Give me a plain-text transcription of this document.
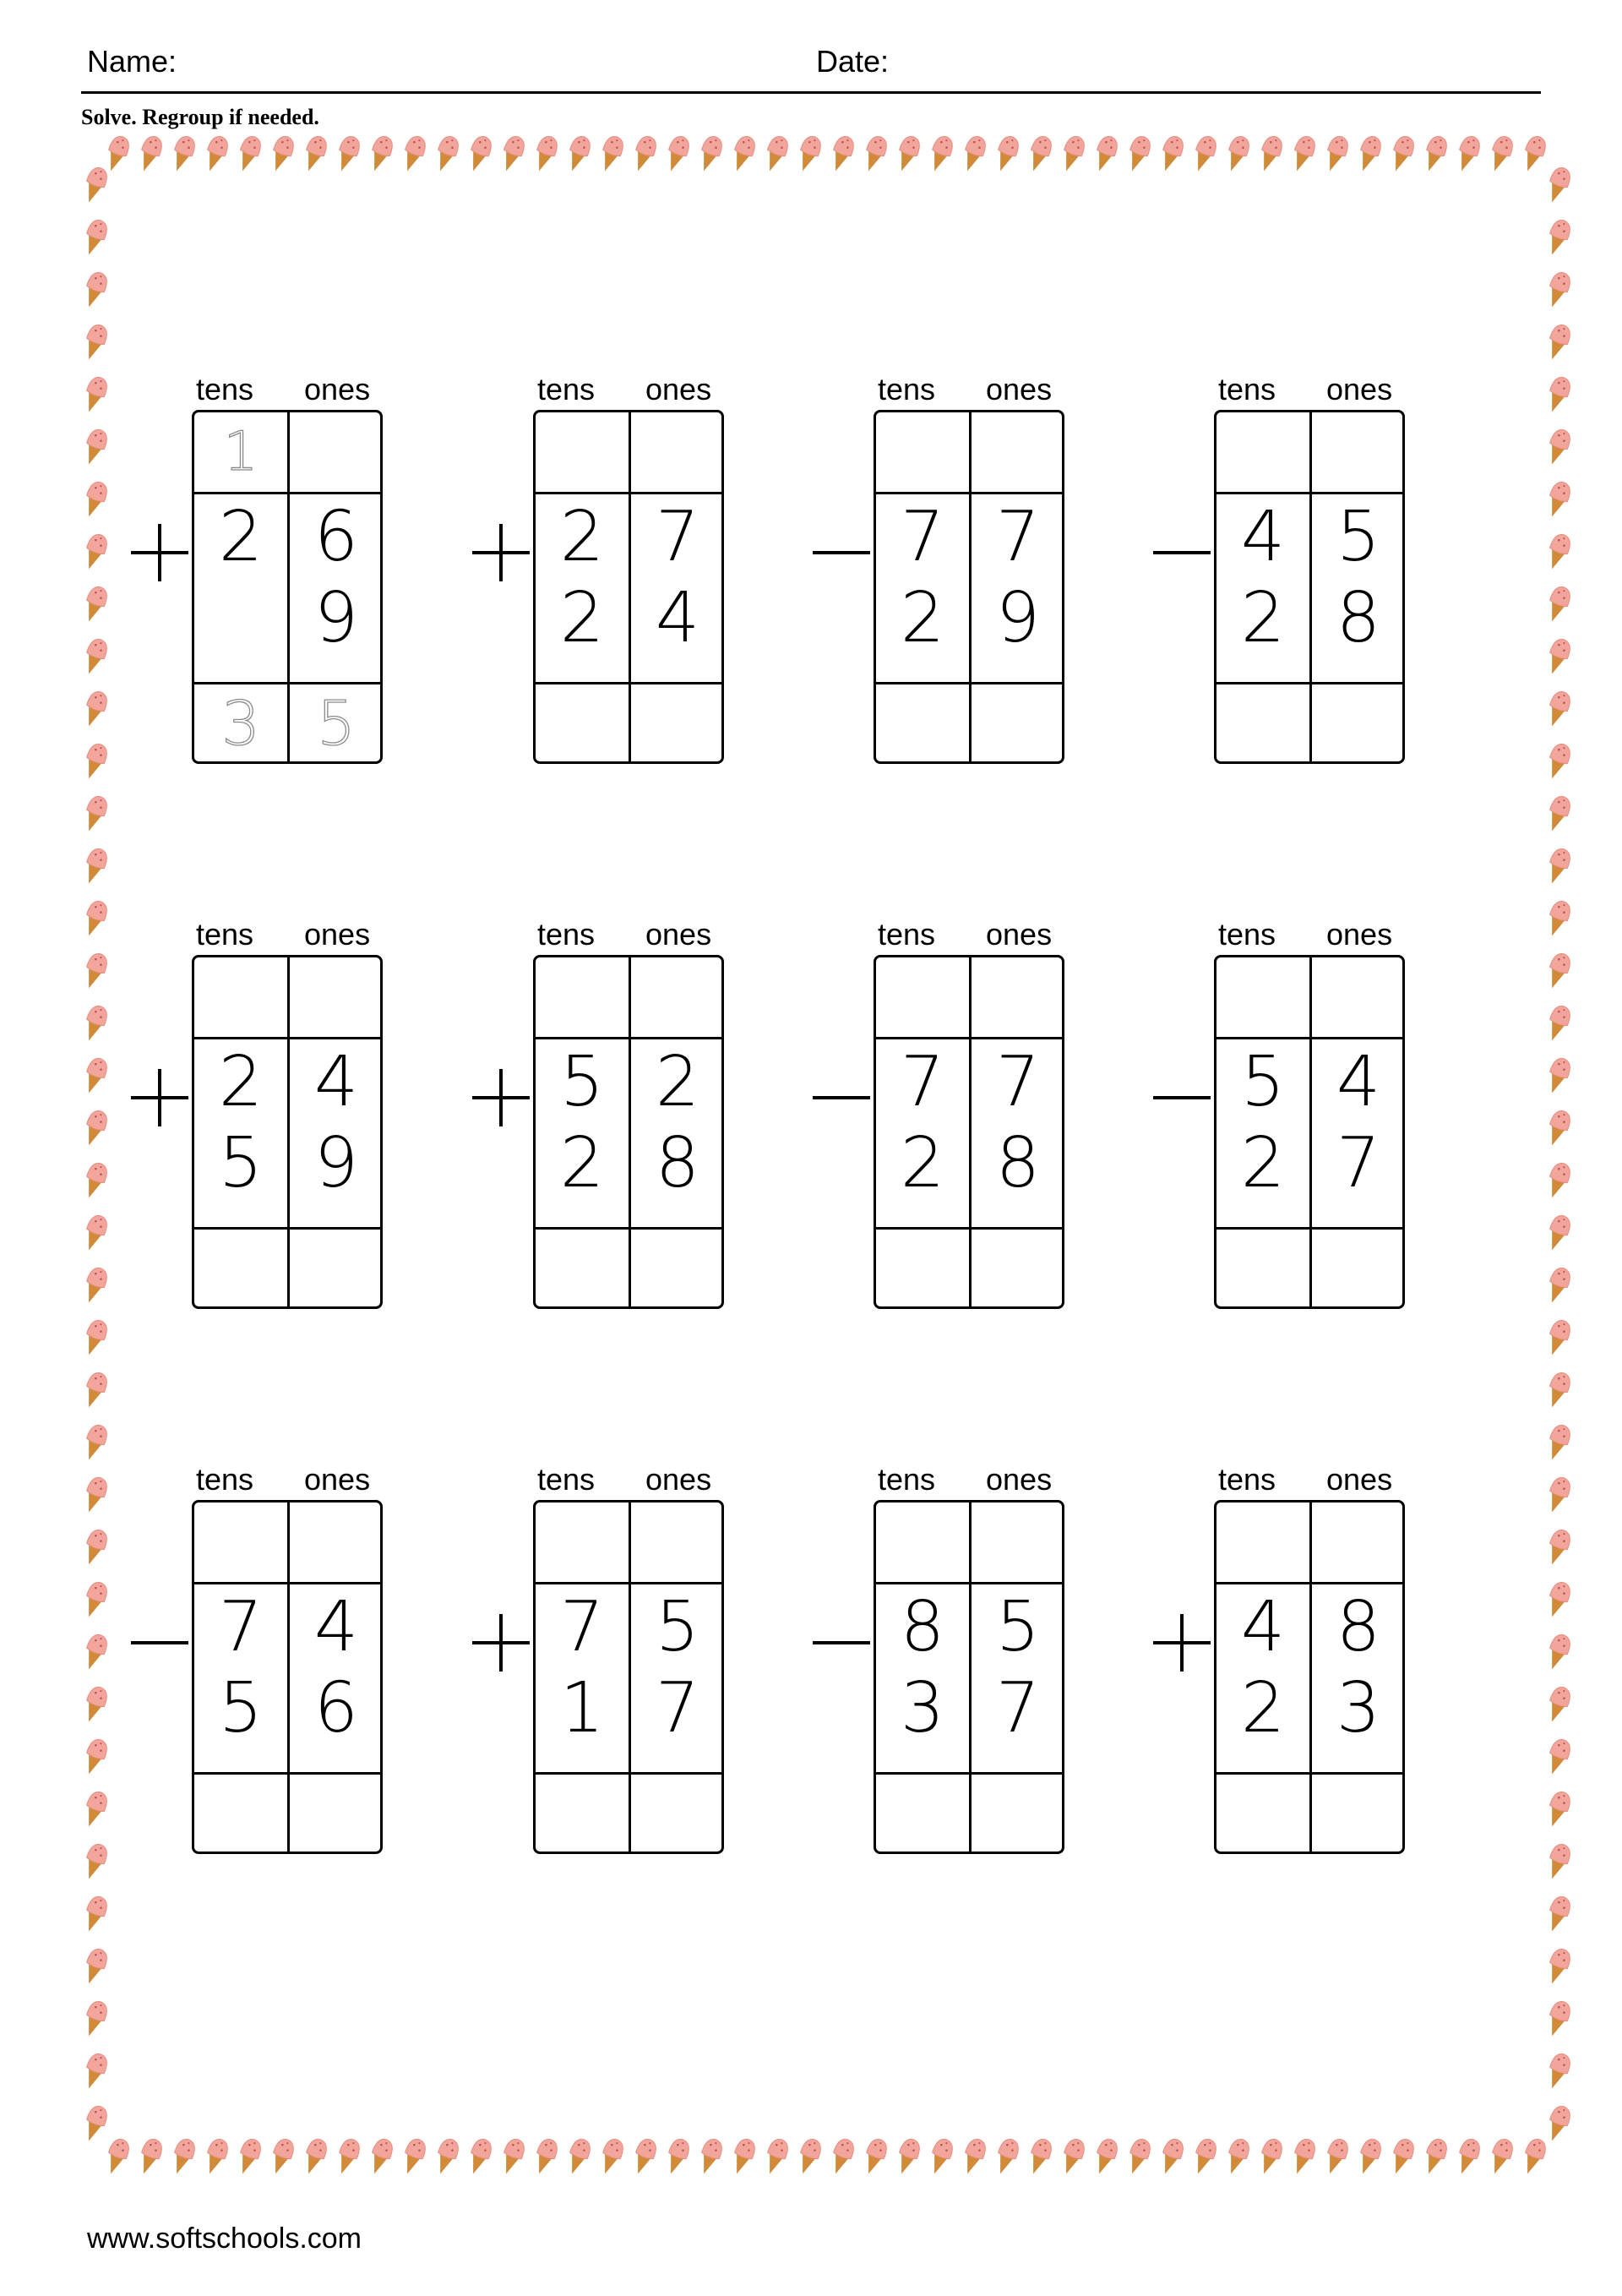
Name:	Date:
Solve. Regroup if needed.
tens ones
1
2 6
9
3 5
tens ones
2 7
2 4
tens ones
7 7
2 9
tens ones
4 5
2 8
tens ones
2 4
5 9
tens ones
5 2
2 8
tens ones
7 7
2 8
tens ones
5 4
2 7
tens ones
7 4
5 6
tens ones
7 5
1 7
tens ones
8 5
3 7
tens ones
4 8
2 3
www.softschools.com
